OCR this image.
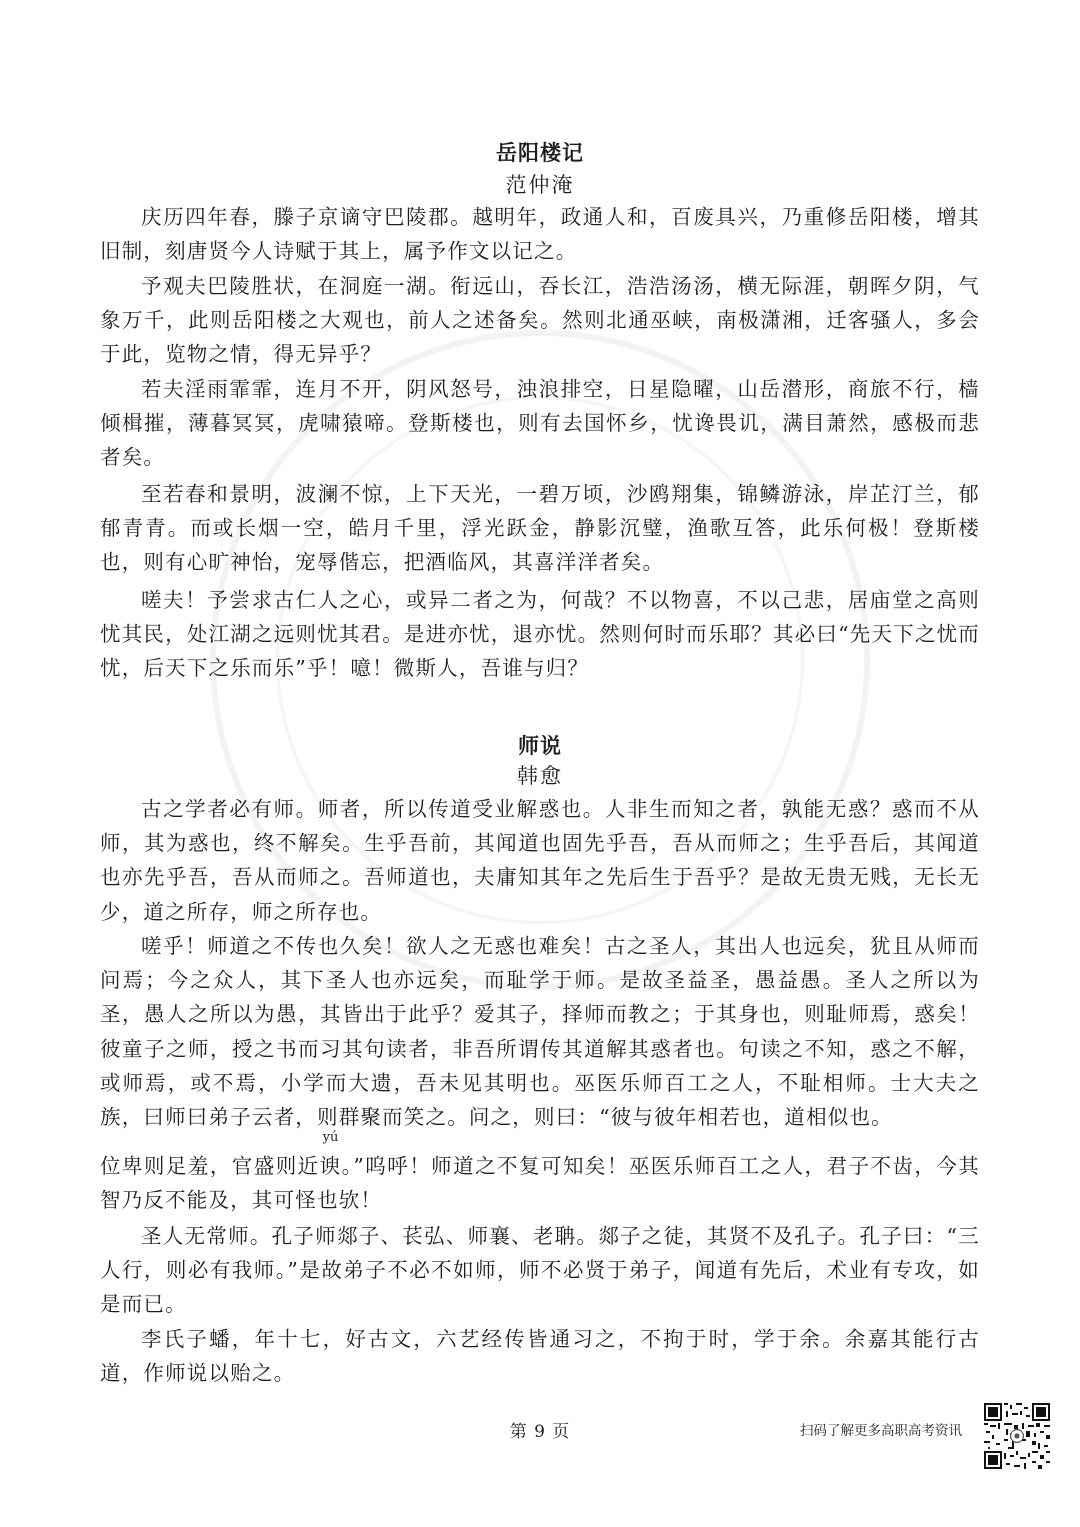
岳阳楼记
范仲淹

庆历四年春，滕子京谪守巴陵郡。越明年，政通人和，百废具兴，乃重修岳阳楼，增其旧制，刻唐贤今人诗赋于其上，属予作文以记之。

予观夫巴陵胜状，在洞庭一湖。衔远山，吞长江，浩浩汤汤，横无际涯，朝晖夕阴，气象万千，此则岳阳楼之大观也，前人之述备矣。然则北通巫峡，南极潇湘，迁客骚人，多会于此，览物之情，得无异乎？

若夫淫雨霏霏，连月不开，阴风怒号，浊浪排空，日星隐曜，山岳潜形，商旅不行，樯倾楫摧，薄暮冥冥，虎啸猿啼。登斯楼也，则有去国怀乡，忧谗畏讥，满目萧然，感极而悲者矣。

至若春和景明，波澜不惊，上下天光，一碧万顷，沙鸥翔集，锦鳞游泳，岸芷汀兰，郁郁青青。而或长烟一空，皓月千里，浮光跃金，静影沉璧，渔歌互答，此乐何极！登斯楼也，则有心旷神怡，宠辱偕忘，把酒临风，其喜洋洋者矣。

嗟夫！予尝求古仁人之心，或异二者之为，何哉？不以物喜，不以己悲，居庙堂之高则忧其民，处江湖之远则忧其君。是进亦忧，退亦忧。然则何时而乐耶？其必曰“先天下之忧而忧，后天下之乐而乐”乎！噫！微斯人，吾谁与归？

师说
韩愈

古之学者必有师。师者，所以传道受业解惑也。人非生而知之者，孰能无惑？惑而不从师，其为惑也，终不解矣。生乎吾前，其闻道也固先乎吾，吾从而师之；生乎吾后，其闻道也亦先乎吾，吾从而师之。吾师道也，夫庸知其年之先后生于吾乎？是故无贵无贱，无长无少，道之所存，师之所存也。

嗟乎！师道之不传也久矣！欲人之无惑也难矣！古之圣人，其出人也远矣，犹且从师而问焉；今之众人，其下圣人也亦远矣，而耻学于师。是故圣益圣，愚益愚。圣人之所以为圣，愚人之所以为愚，其皆出于此乎？爱其子，择师而教之；于其身也，则耻师焉，惑矣！彼童子之师，授之书而习其句读者，非吾所谓传其道解其惑者也。句读之不知，惑之不解，或师焉，或不焉，小学而大遗，吾未见其明也。巫医乐师百工之人，不耻相师。士大夫之族，曰师曰弟子云者，则群聚而笑之。问之，则曰：“彼与彼年相若也，道相似也。

位卑则足羞，官盛则近
yú
谀。”呜呼！师道之不复可知矣！巫医乐师百工之人，君子不齿，今其智乃反不能及，其可怪也欤！

圣人无常师。孔子师郯子、苌弘、师襄、老聃。郯子之徒，其贤不及孔子。孔子曰：“三人行，则必有我师。”是故弟子不必不如师，师不必贤于弟子，闻道有先后，术业有专攻，如是而已。

李氏子蟠，年十七，好古文，六艺经传皆通习之，不拘于时，学于余。余嘉其能行古道，作师说以贻之。

第 9 页	扫码了解更多高职高考资讯
